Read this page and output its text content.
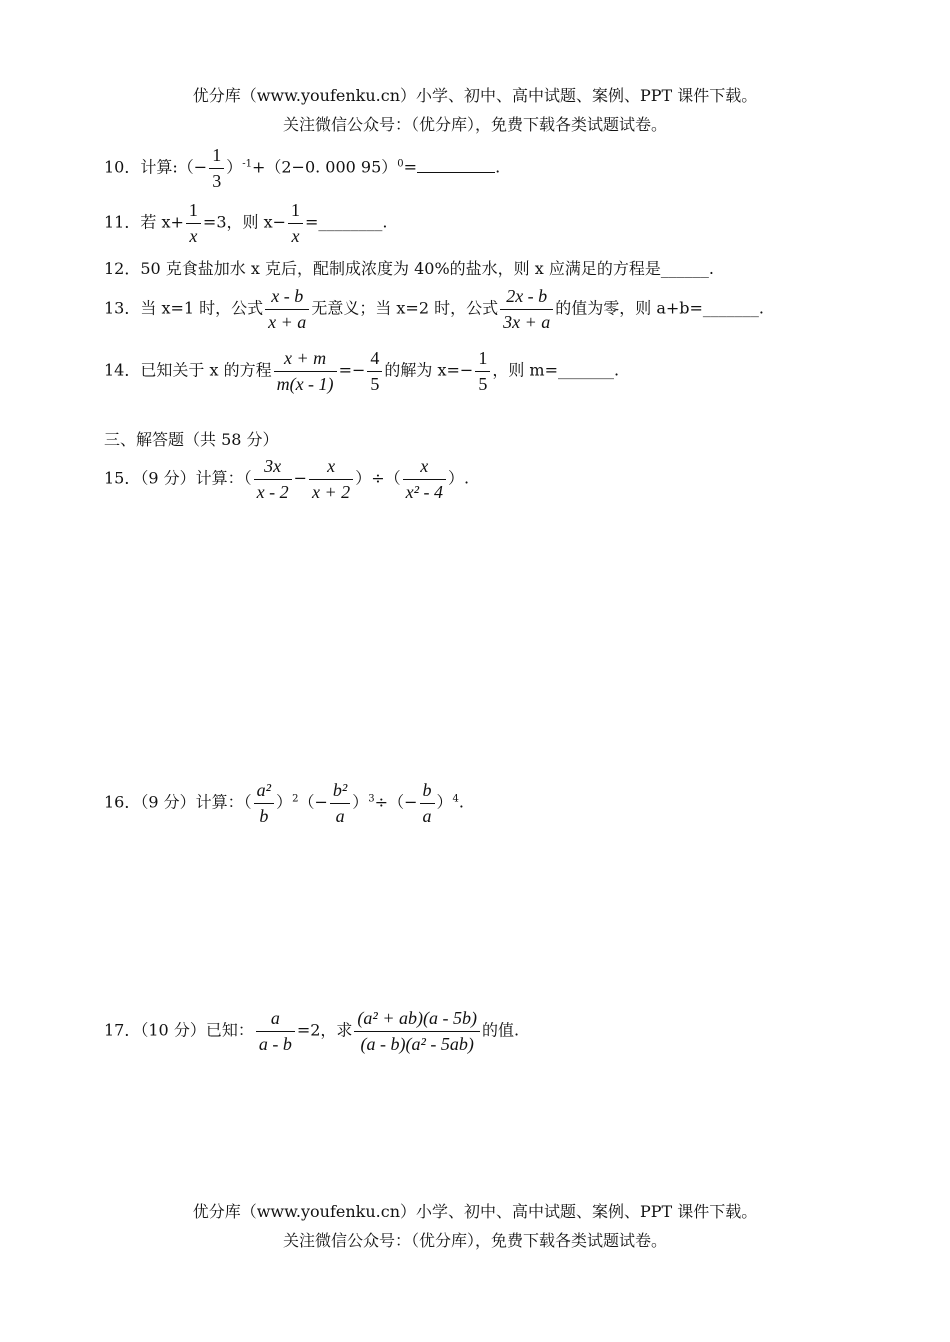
优分库（www.youfenku.cn）小学、初中、高中试题、案例、PPT 课件下载。
关注微信公众号：（优分库），免费下载各类试题试卷。
10．计算:（− $\frac{1}{3} )^{-1}+(2-0$. 000 95）$^0$=	.
11．若 $x+ \frac{1}{x} =3$，则 $x- \frac{1}{x}$ =________.
12．50 克食盐加水 x 克后，配制成浓度为 40%的盐水，则 x 应满足的方程是______.
13．当 x=1 时，公式 $\frac{x - b}{x + a}$ 无意义；当 x=2 时，公式 $\frac{2x - b}{3x + a}$ 的值为零，则 a+b=_______.
14．已知关于 x 的方程 $\frac{x + m}{m(x - 1)} =- \frac{4}{5}$ 的解为 $x=- \frac{1}{5}$ ，则 m=_______.
三、解答题（共 58 分）
15．（9 分）计算：（ $\frac{3x}{x - 2} - \frac{x}{x + 2}$ ）÷（ $\frac{x}{\text{x² - 4}}$ ）.
16．（9 分）计算：（ $\frac{\text{a²}}{b} )^2(- \frac{\text{b²}}{a} )^3\div(- \frac{b}{a} )^4$.
17．（10 分）已知： $\frac{a}{a - b} =2$，求 $\frac{\text{(a² + ab)(a - 5b)}}{\text{(a - b)(a² - 5ab)}}$ 的值.
优分库（www.youfenku.cn）小学、初中、高中试题、案例、PPT 课件下载。
关注微信公众号：（优分库），免费下载各类试题试卷。
